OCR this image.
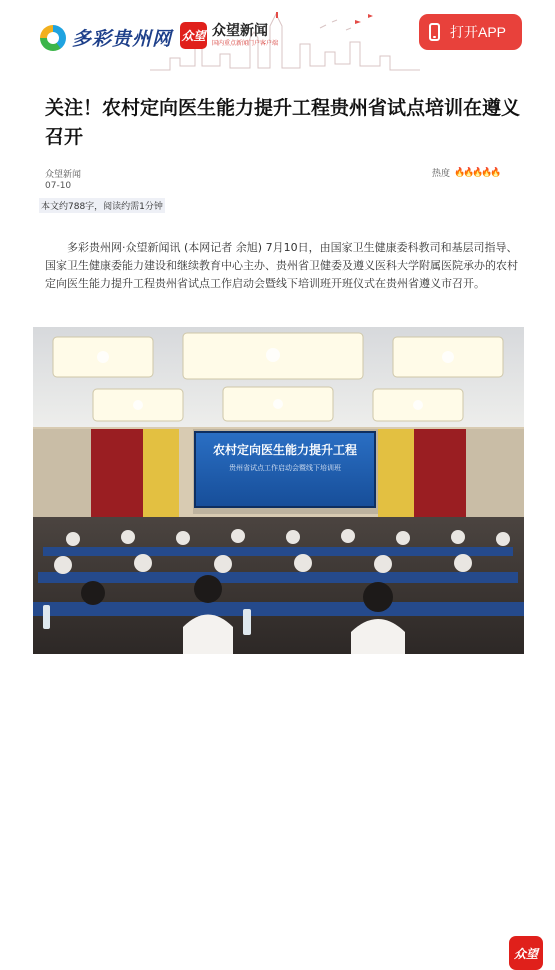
多彩贵州网 众望 众望新闻
国内重点新闻门户客户端
打开APP
关注！农村定向医生能力提升工程贵州省试点培训在遵义召开
众望新闻
07-10
热度 🔥
🔥
🔥
🔥
🔥
本文约788字，阅读约需1分钟

多彩贵州网·众望新闻讯 (本网记者 余旭) 7月10日，由国家卫生健康委科教司和基层司指导、国家卫生健康委能力建设和继续教育中心主办、贵州省卫健委及遵义医科大学附属医院承办的农村定向医生能力提升工程贵州省试点工作启动会暨线下培训班开班仪式在贵州省遵义市召开。

农村定向医生能力提升工程
贵州省试点工作启动会暨线下培训班
众望
